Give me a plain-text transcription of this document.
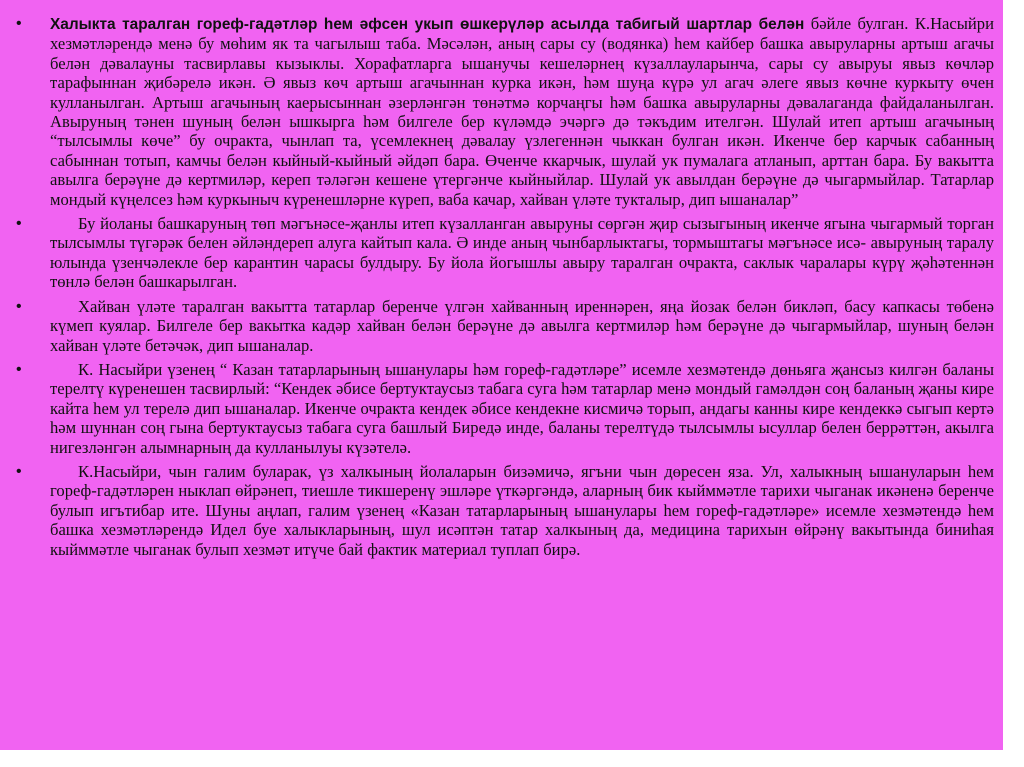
• Халыкта таралган гореф-гадәтләр һем әфсен укып өшкерүләр асылда табигый шартлар белән бәйле булган. К.Насыйри хезмәтләрендә менә бу мөһим як та чагылыш таба. Мәсәлән, аның сары су (водянка) һем кайбер башка авыруларны артыш агачы белән дәвалауны тасвирлавы кызыклы. Хорафатларга ышанучы кешеләрнең күзаллауларынча, сары су авыруы явыз көчләр тарафыннан җибәрелә икән. Ә явыз көч артыш агачыннан курка икән, һәм шуңа күрә ул агач әлеге явыз көчне куркыту өчен кулланылган. Артыш агачының каерысыннан әзерләнгән төнәтмә корчаңгы һәм башка авыруларны дәвалаганда файдаланылган. Авыруның тәнен шуның белән ышкырга һәм билгеле бер күләмдә эчәргә дә тәкъдим ителгән. Шулай итеп артыш агачының “тылсымлы көче” бу очракта, чынлап та, үсемлекнең дәвалау үзлегеннән чыккан булган икән. Икенче бер карчык сабанның сабыннан тотып, камчы белән кыйный-кыйный әйдәп бара. Өченче ккарчык, шулай ук пумалага атланып, арттан бара. Бу вакытта авылга берәүне дә кертмиләр, кереп тәләгән кешене үтергәнче кыйныйлар. Шулай ук авылдан берәүне дә чыгармыйлар. Татарлар мондый күңелсез һәм куркыныч күренешләрне күреп, ваба качар, хайван үләте тукталыр, дип ышаналар”
• Бу йоланы башкаруның төп мәгънәсе-җанлы итеп күзалланган авыруны сөргән җир сызыгының икенче ягына чыгармый торган тылсымлы түгәрәк белен әйләндереп алуга кайтып кала. Ә инде аның чынбарлыктагы, тормыштагы мәгънәсе исә- авыруның таралу юлында үзенчәлекле бер карантин чарасы булдыру. Бу йола йогышлы авыру таралган очракта, саклык чаралары күрү җәһәтеннән төнлә белән башкарылган.
• Хайван үләте таралган вакытта татарлар беренче үлгән хайванның иреннәрен, яңа йозак белән бикләп, басу капкасы төбенә күмеп куялар. Билгеле бер вакытка кадәр хайван белән берәүне дә авылга кертмиләр һәм берәүне дә чыгармыйлар, шуның белән хайван үләте бетәчәк, дип ышаналар.
• К. Насыйри үзенең “ Казан татарларының ышанулары һәм гореф-гадәтләре” исемле хезмәтендә дөньяга җансыз килгән баланы терелтү күренешен тасвирлый: “Кендек әбисе бертуктаусыз табага суга һәм татарлар менә мондый гамәлдән соң баланың җаны кире кайта һем ул терелә дип ышаналар. Икенче очракта кендек әбисе кендекне кисмичә торып, андагы канны кире кендеккә сыгып кертә һәм шуннан соң гына бертуктаусыз табага суга башлый Биредә инде, баланы терелтүдә тылсымлы ысуллар белен беррәттән, акылга нигезләнгән алымнарның да кулланылуы күзәтелә.
• К.Насыйри, чын галим буларак, үз халкының йолаларын бизәмичә, ягъни чын дөресен яза. Ул, халыкның ышануларын һем гореф-гадәтләрен ныклап өйрәнеп, тиешле тикшеренү эшләре үткәргәндә, аларның бик кыйммәтле тарихи чыганак икәненә беренче булып игътибар ите. Шуны аңлап, галим үзенең «Казан татарларының ышанулары һем гореф-гадәтләре» исемле хезмәтендә һем башка хезмәтләрендә Идел буе халыкларының, шул исәптән татар халкының да, медицина тарихын өйрәнү вакытында биниһая кыйммәтле чыганак булып хезмәт итүче бай фактик материал туплап бирә.
